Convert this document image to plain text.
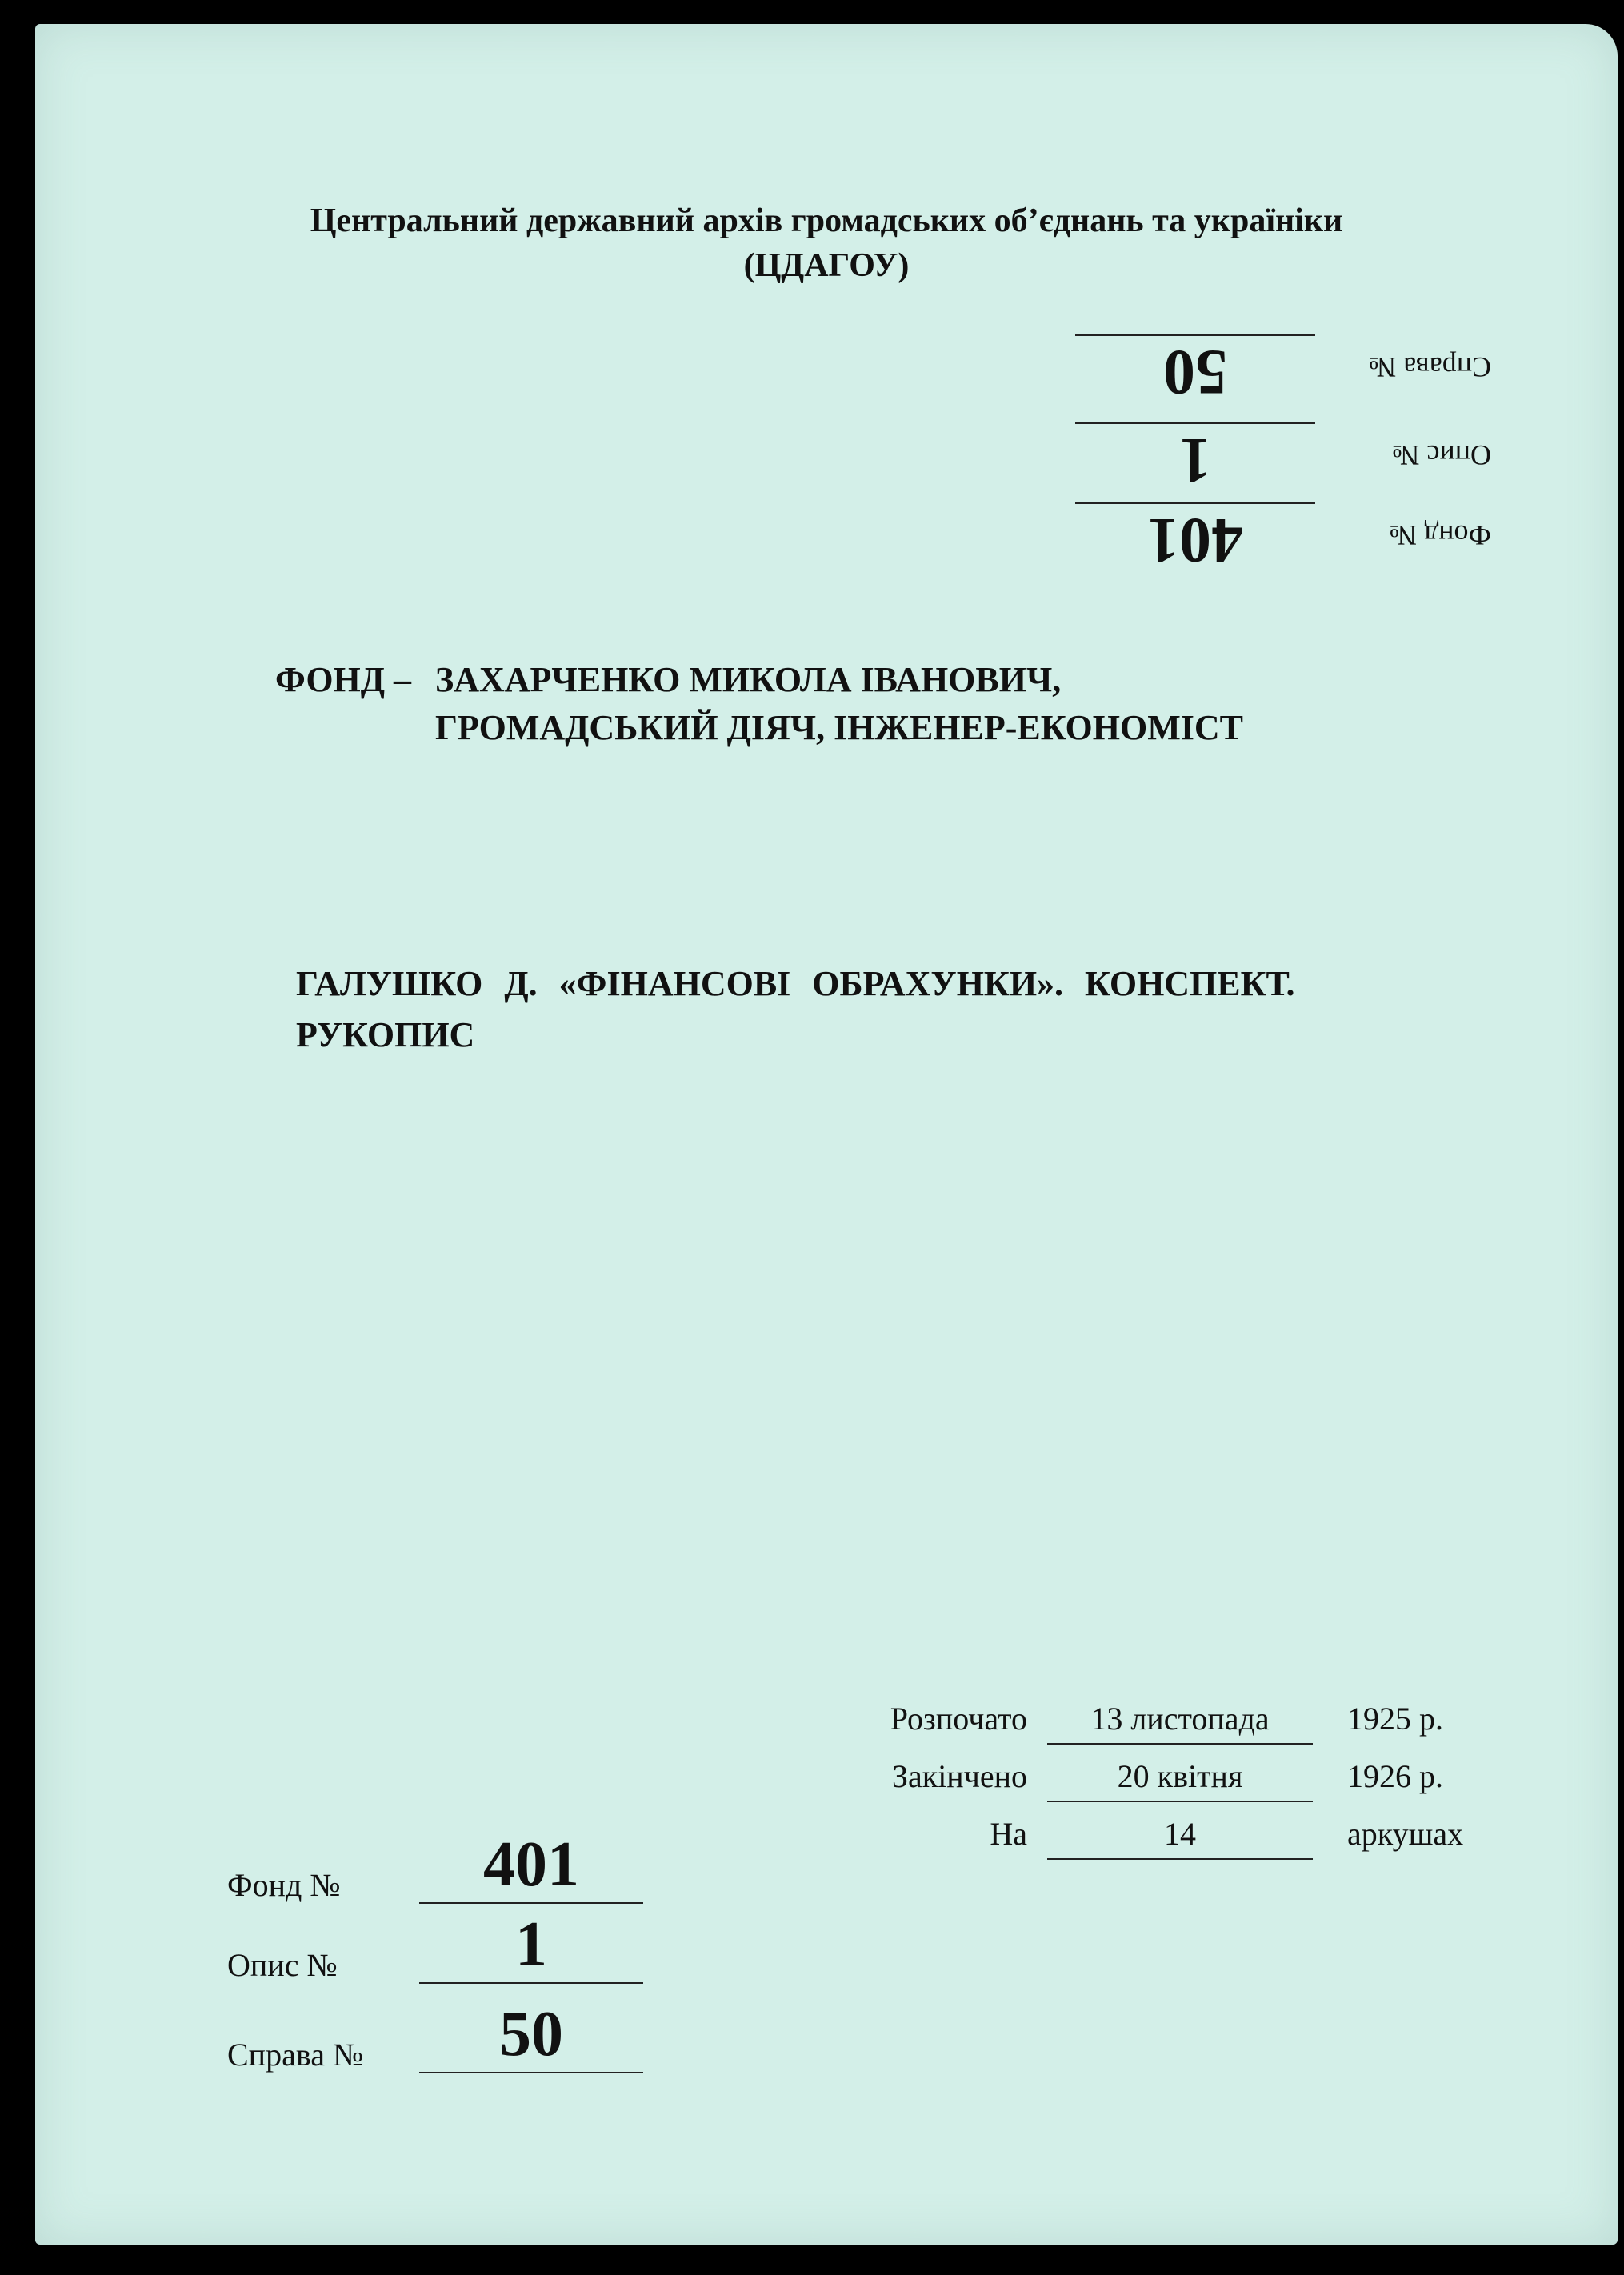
Центральний державний архів громадських об’єднань та україніки
(ЦДАГОУ)
Фонд №
401
Опис №
1
Справа №
50
ФОНД – ЗАХАРЧЕНКО МИКОЛА ІВАНОВИЧ,
ГРОМАДСЬКИЙ ДІЯЧ, ІНЖЕНЕР-ЕКОНОМІСТ
ГАЛУШКО Д. «ФІНАНСОВІ ОБРАХУНКИ». КОНСПЕКТ. РУКОПИС
Розпочато	13 листопада	1925 р.
Закінчено	20 квітня	1926 р.
На	14	аркушах
Фонд №	401
Опис №	1
Справа №	50
